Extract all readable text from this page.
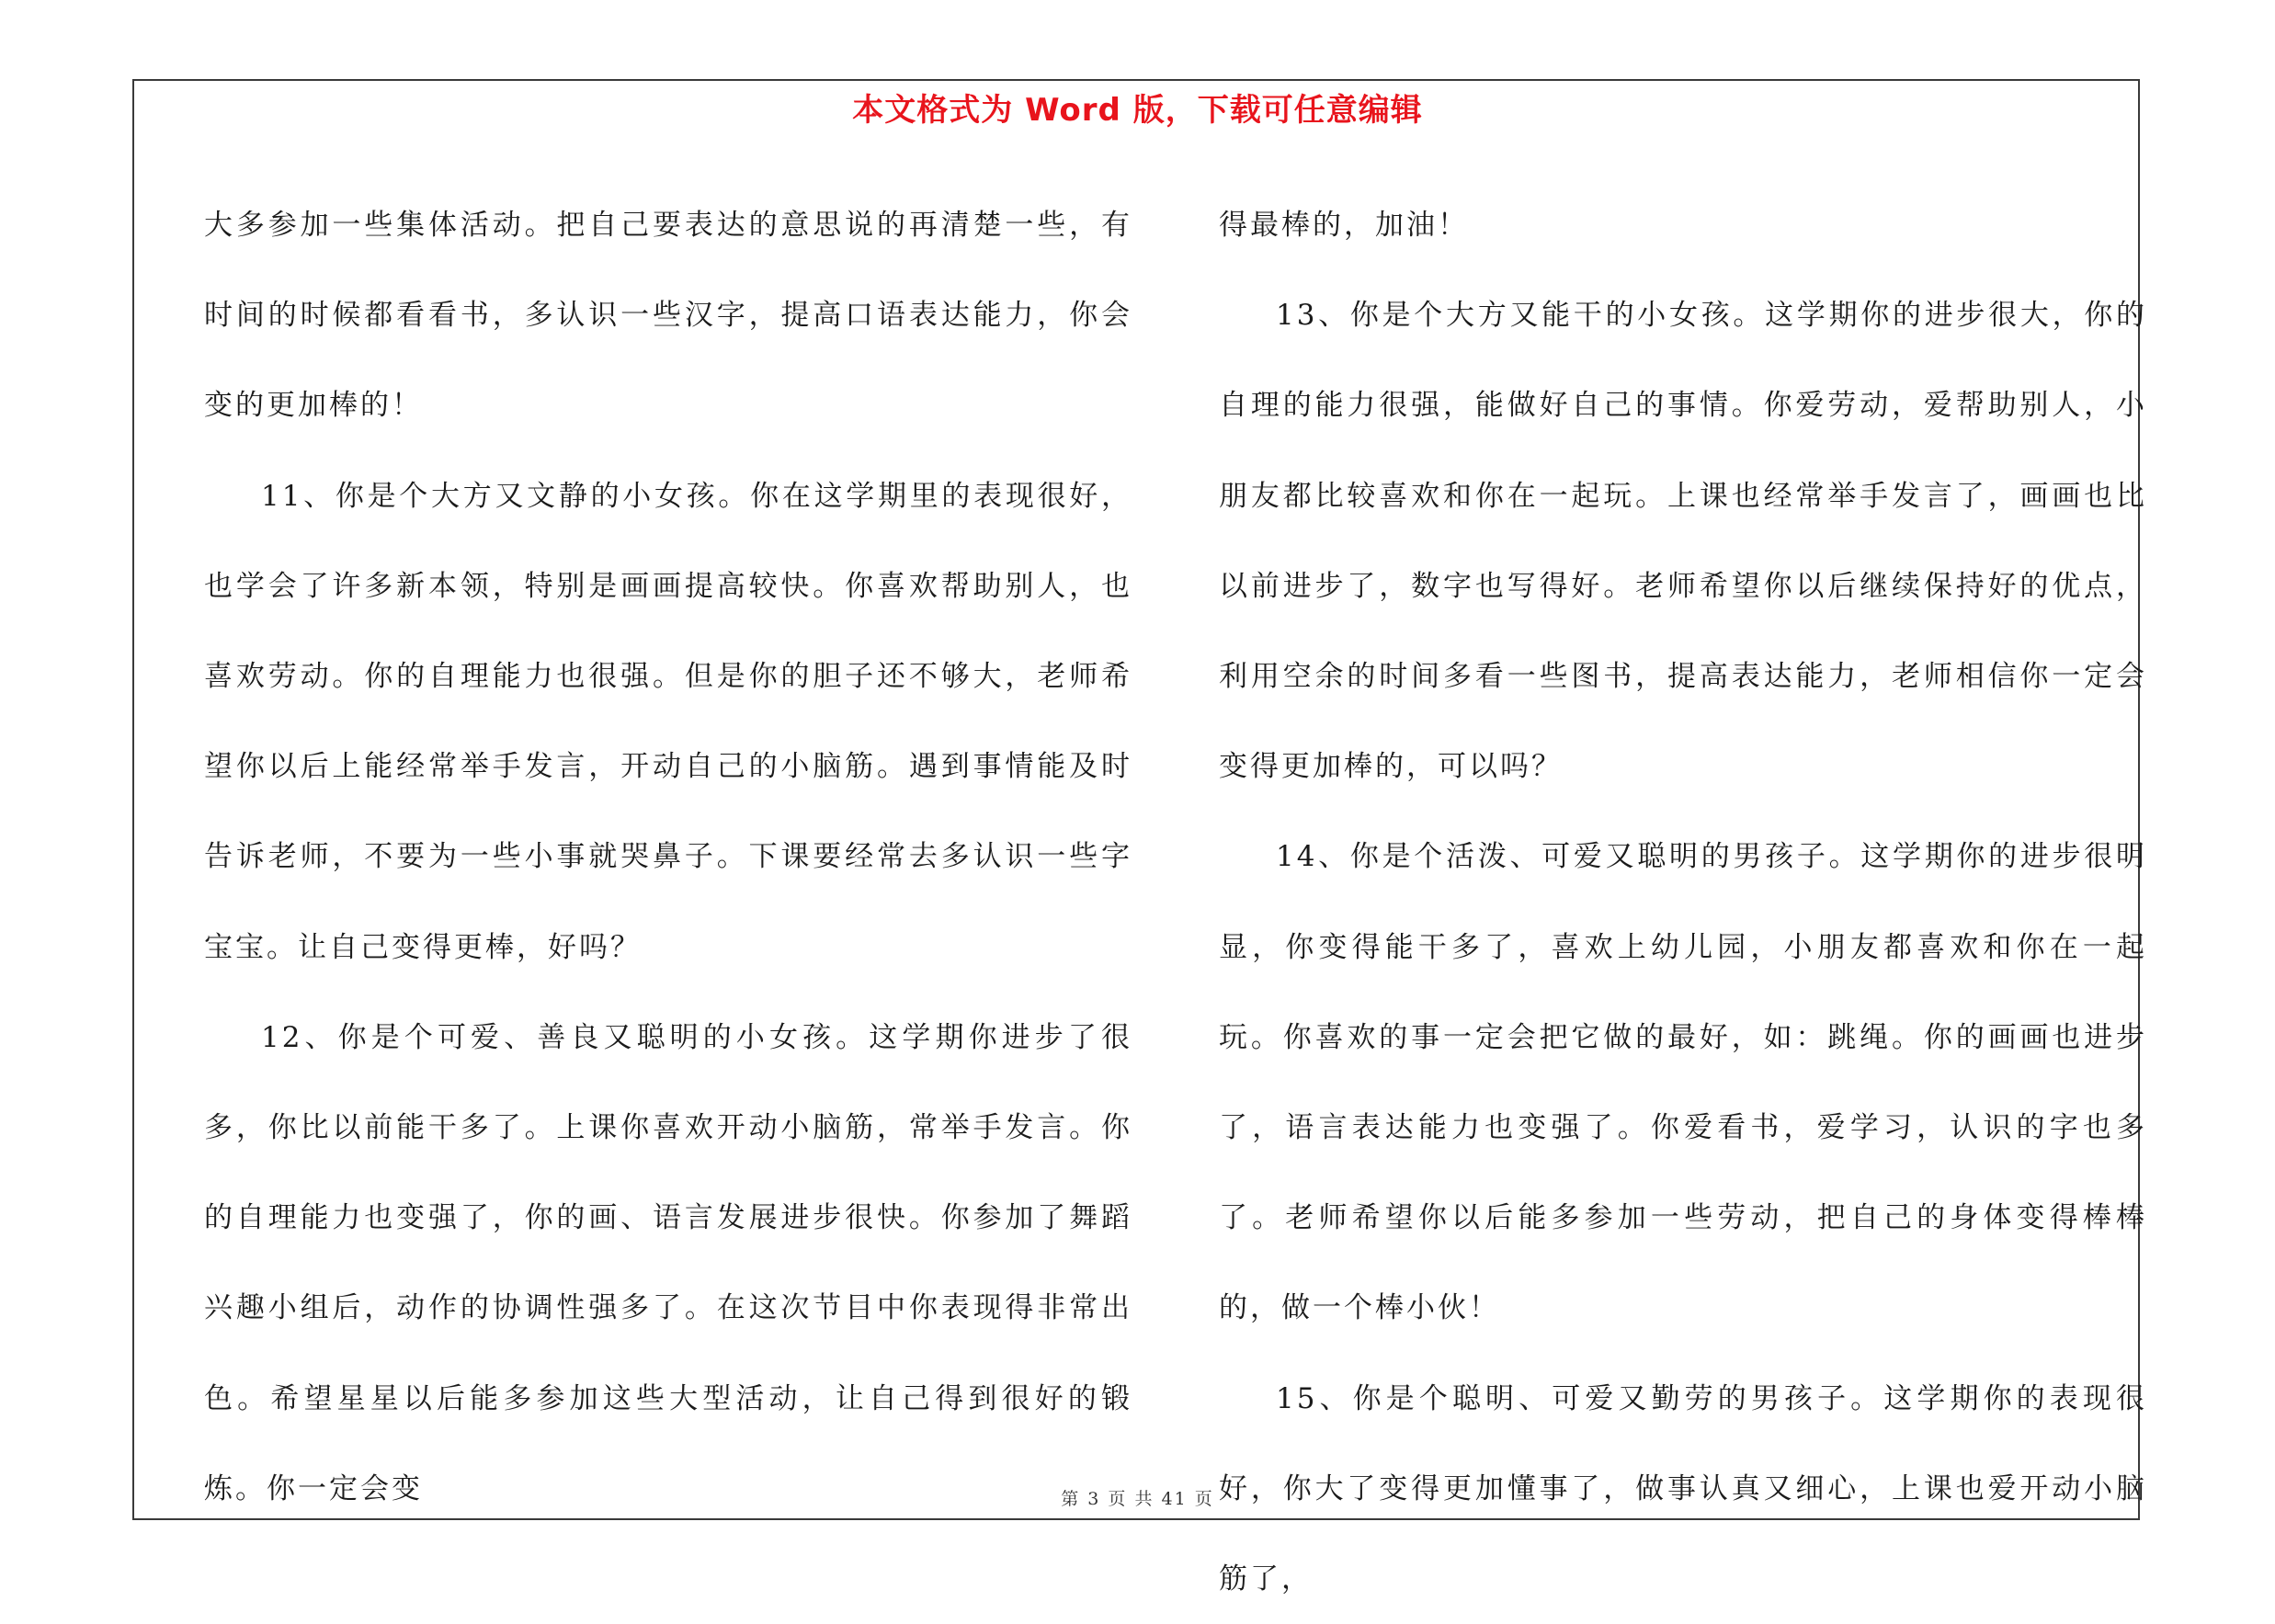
本文格式为 Word 版，下载可任意编辑

大多参加一些集体活动。把自己要表达的意思说的再清楚一些，有时间的时候都看看书，多认识一些汉字，提高口语表达能力，你会变的更加棒的！

11、你是个大方又文静的小女孩。你在这学期里的表现很好，也学会了许多新本领，特别是画画提高较快。你喜欢帮助别人，也喜欢劳动。你的自理能力也很强。但是你的胆子还不够大，老师希望你以后上能经常举手发言，开动自己的小脑筋。遇到事情能及时告诉老师，不要为一些小事就哭鼻子。下课要经常去多认识一些字宝宝。让自己变得更棒，好吗？

12、你是个可爱、善良又聪明的小女孩。这学期你进步了很多，你比以前能干多了。上课你喜欢开动小脑筋，常举手发言。你的自理能力也变强了，你的画、语言发展进步很快。你参加了舞蹈兴趣小组后，动作的协调性强多了。在这次节目中你表现得非常出色。希望星星以后能多参加这些大型活动，让自己得到很好的锻炼。你一定会变

得最棒的，加油！

13、你是个大方又能干的小女孩。这学期你的进步很大，你的自理的能力很强，能做好自己的事情。你爱劳动，爱帮助别人，小朋友都比较喜欢和你在一起玩。上课也经常举手发言了，画画也比以前进步了，数字也写得好。老师希望你以后继续保持好的优点，利用空余的时间多看一些图书，提高表达能力，老师相信你一定会变得更加棒的，可以吗？

14、你是个活泼、可爱又聪明的男孩子。这学期你的进步很明显，你变得能干多了，喜欢上幼儿园，小朋友都喜欢和你在一起玩。你喜欢的事一定会把它做的最好，如：跳绳。你的画画也进步了，语言表达能力也变强了。你爱看书，爱学习，认识的字也多了。老师希望你以后能多参加一些劳动，把自己的身体变得棒棒的，做一个棒小伙！

15、你是个聪明、可爱又勤劳的男孩子。这学期你的表现很好，你大了变得更加懂事了，做事认真又细心，上课也爱开动小脑筋了，

第 3 页 共 41 页
